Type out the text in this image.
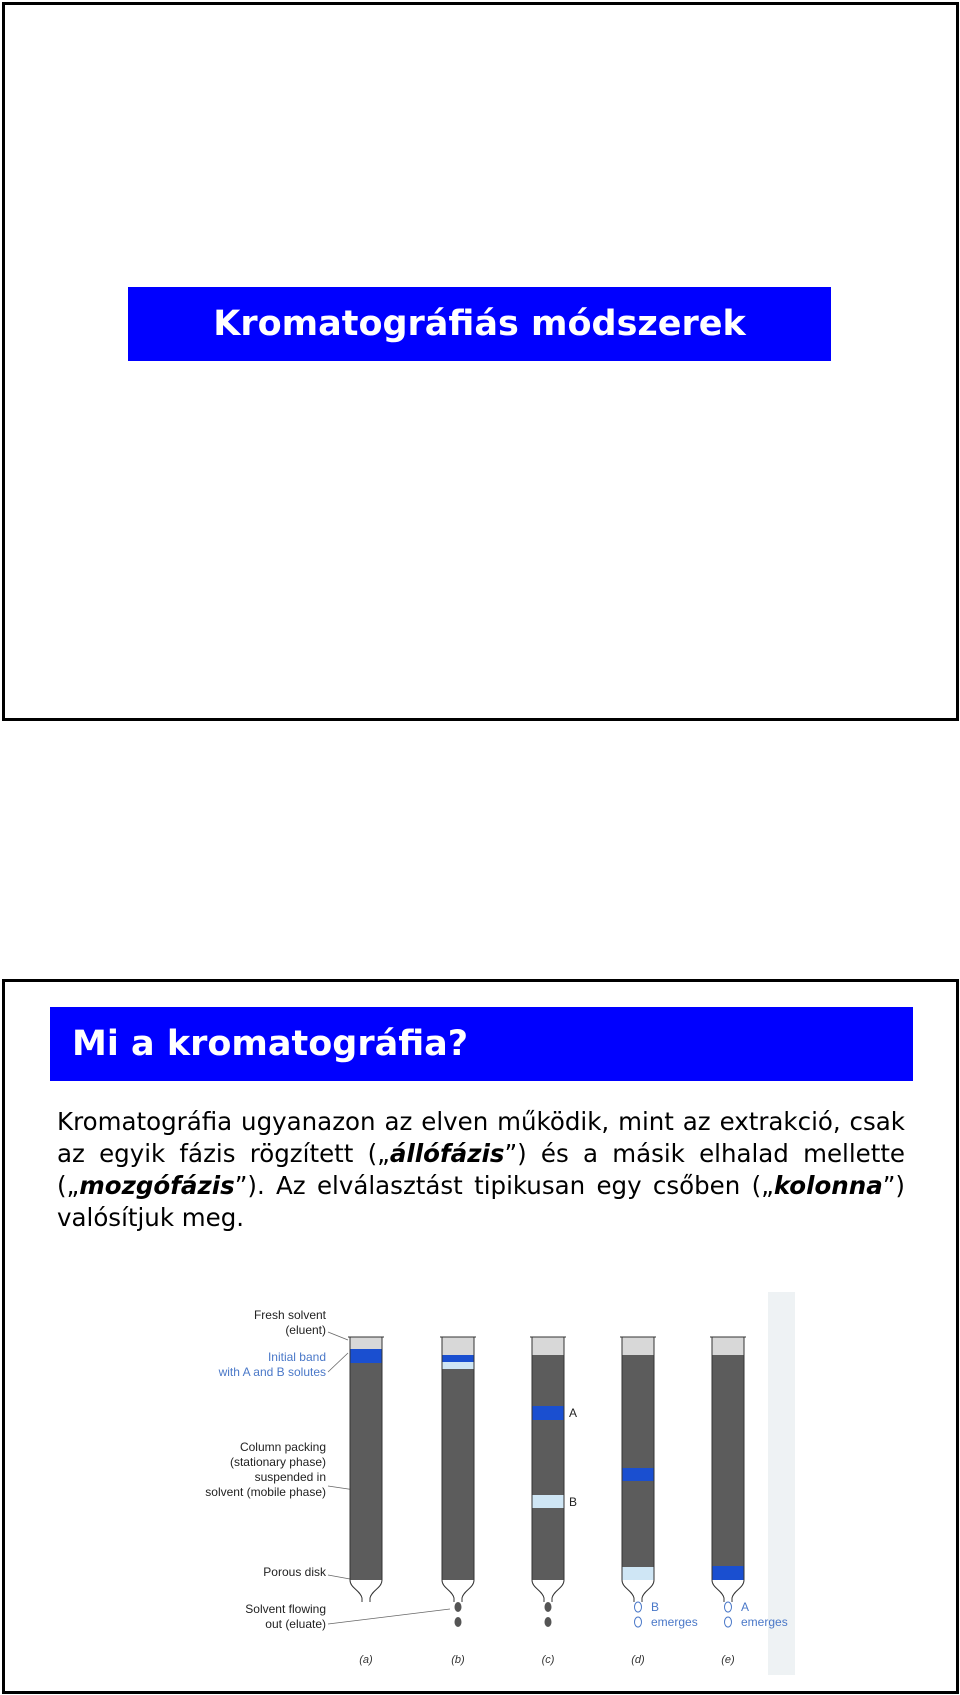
Kromatográfiás módszerek
Mi a kromatográfia?
Kromatográfia ugyanazon az elven működik, mint az extrakció, csak az egyik fázis rögzített („állófázis”) és a másik elhalad mellette („mozgófázis”). Az elválasztást tipikusan egy csőben („kolonna”) valósítjuk meg.
Fresh solvent
(eluent)
Initial band
with A and B solutes
Column packing
(stationary phase)
suspended in
solvent (mobile phase)
Porous disk
Solvent flowing
out (eluate)
(a)	(b)
A
B
(c)
B
emerges
(d)
A
emerges
(e)
